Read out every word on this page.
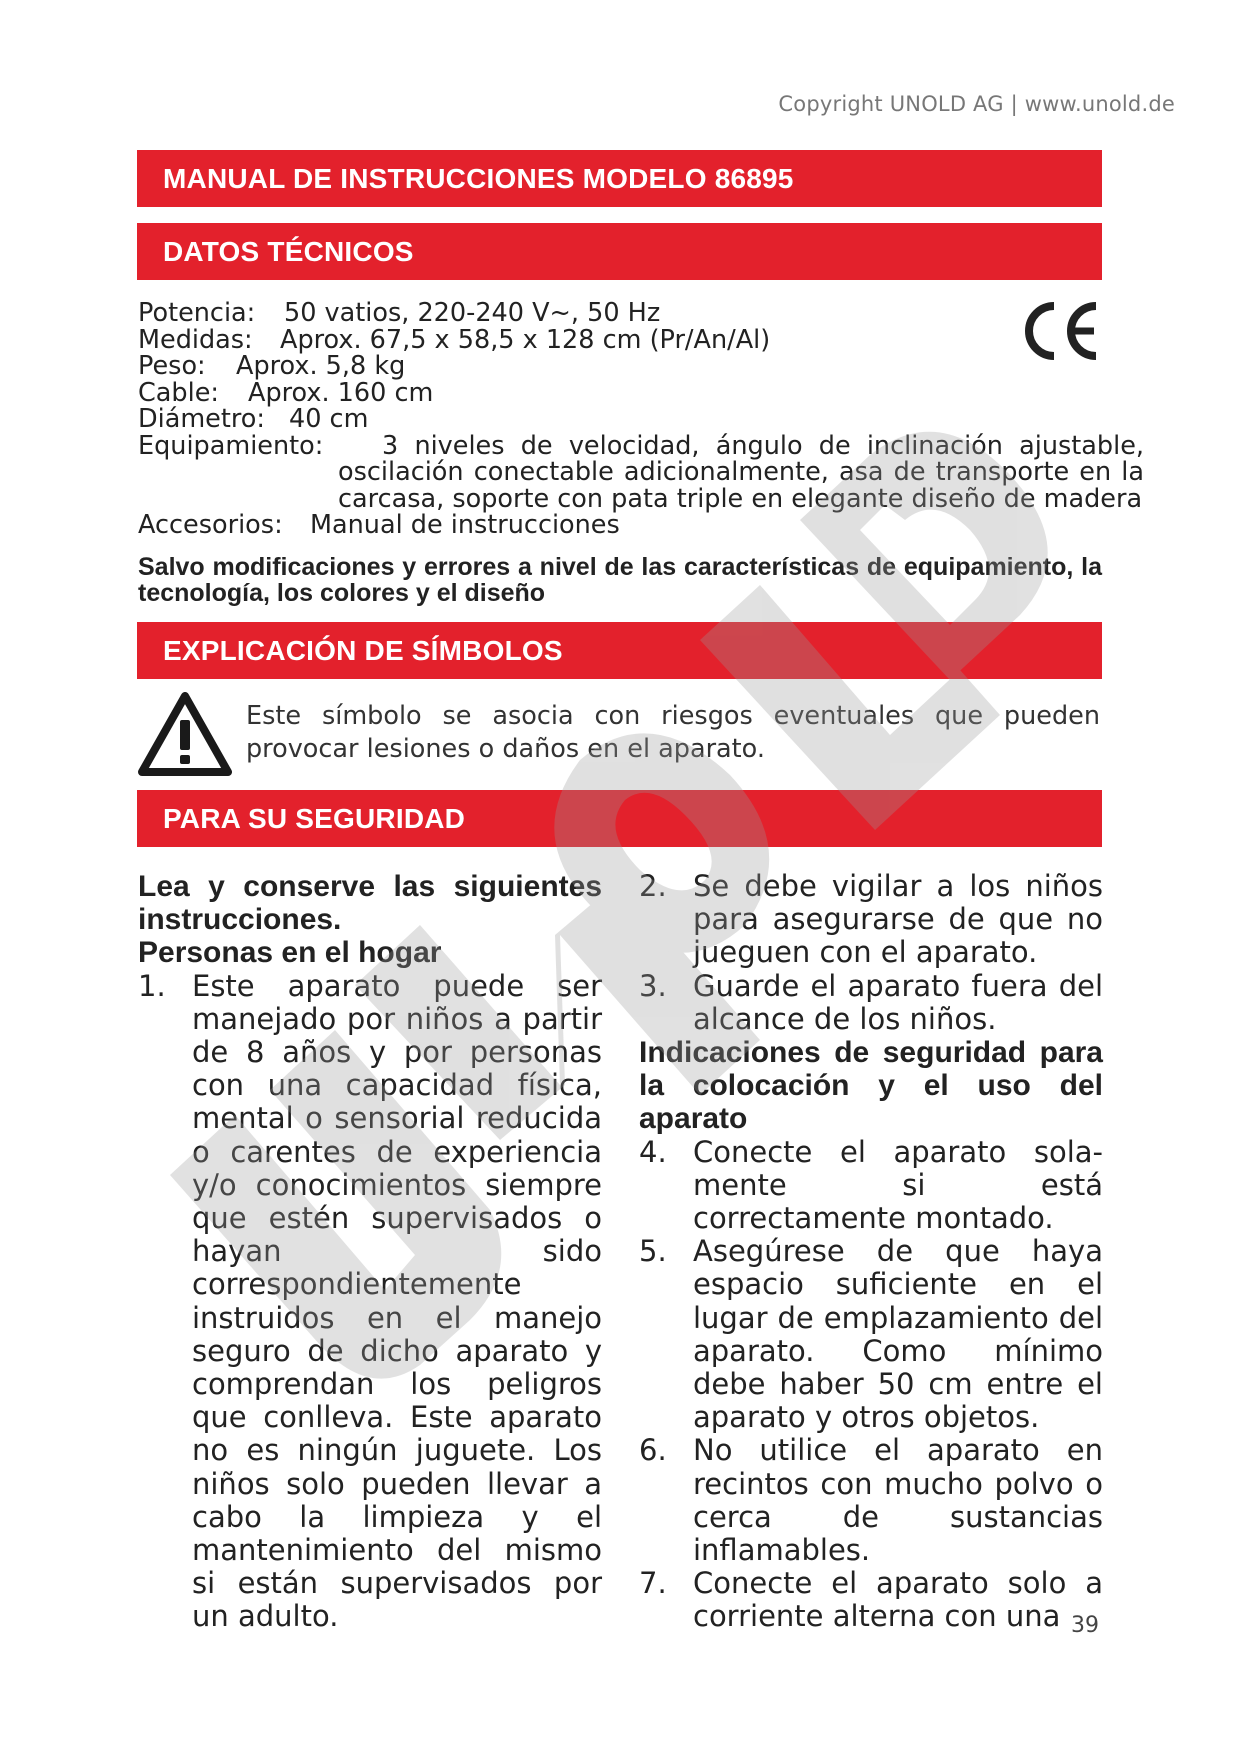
Copyright UNOLD AG | www.unold.de
MANUAL DE INSTRUCCIONES MODELO 86895
DATOS TÉCNICOS
Potencia:	50 vatios, 220-240 V~, 50 Hz
Medidas:	Aprox. 67,5 x 58,5 x 128 cm (Pr/An/Al)
Peso:	Aprox. 5,8 kg
Cable:	Aprox. 160 cm
Diámetro: 40 cm
Equipamiento:	3 niveles de velocidad, ángulo de inclinación ajustable,
oscilación conectable adicionalmente, asa de transporte en la
carcasa, soporte con pata triple en elegante diseño de madera
Accesorios:	Manual de instrucciones
Salvo modificaciones y errores a nivel de las características de equipamiento, la tecnología, los colores y el diseño
EXPLICACIÓN DE SÍMBOLOS
Este símbolo se asocia con riesgos eventuales que pueden provocar lesiones o daños en el aparato.
PARA SU SEGURIDAD
Lea y conserve las siguientes instrucciones.
Personas en el hogar
1. Este aparato puede ser manejado por niños a partir de 8 años y por personas con una capacidad física, mental o sensorial reducida o carentes de experiencia y/o conocimientos siempre que estén supervisados o hayan sido correspondientemente instruidos en el manejo seguro de dicho aparato y comprendan los peligros que conlleva. Este aparato no es ningún juguete. Los niños solo pueden llevar a cabo la limpieza y el mantenimiento del mismo si están supervisados por un adulto.
2. Se debe vigilar a los niños para asegurarse de que no jueguen con el aparato.
3. Guarde el aparato fuera del alcance de los niños.
Indicaciones de seguridad para la colocación y el uso del aparato
4. Conecte el aparato sola- mente si está correctamente montado.
5. Asegúrese de que haya espacio suficiente en el lugar de emplazamiento del aparato. Como mínimo debe haber 50 cm entre el aparato y otros objetos.
6. No utilice el aparato en recintos con mucho polvo o cerca de sustancias inflamables.
7. Conecte el aparato solo a corriente alterna con una 39
